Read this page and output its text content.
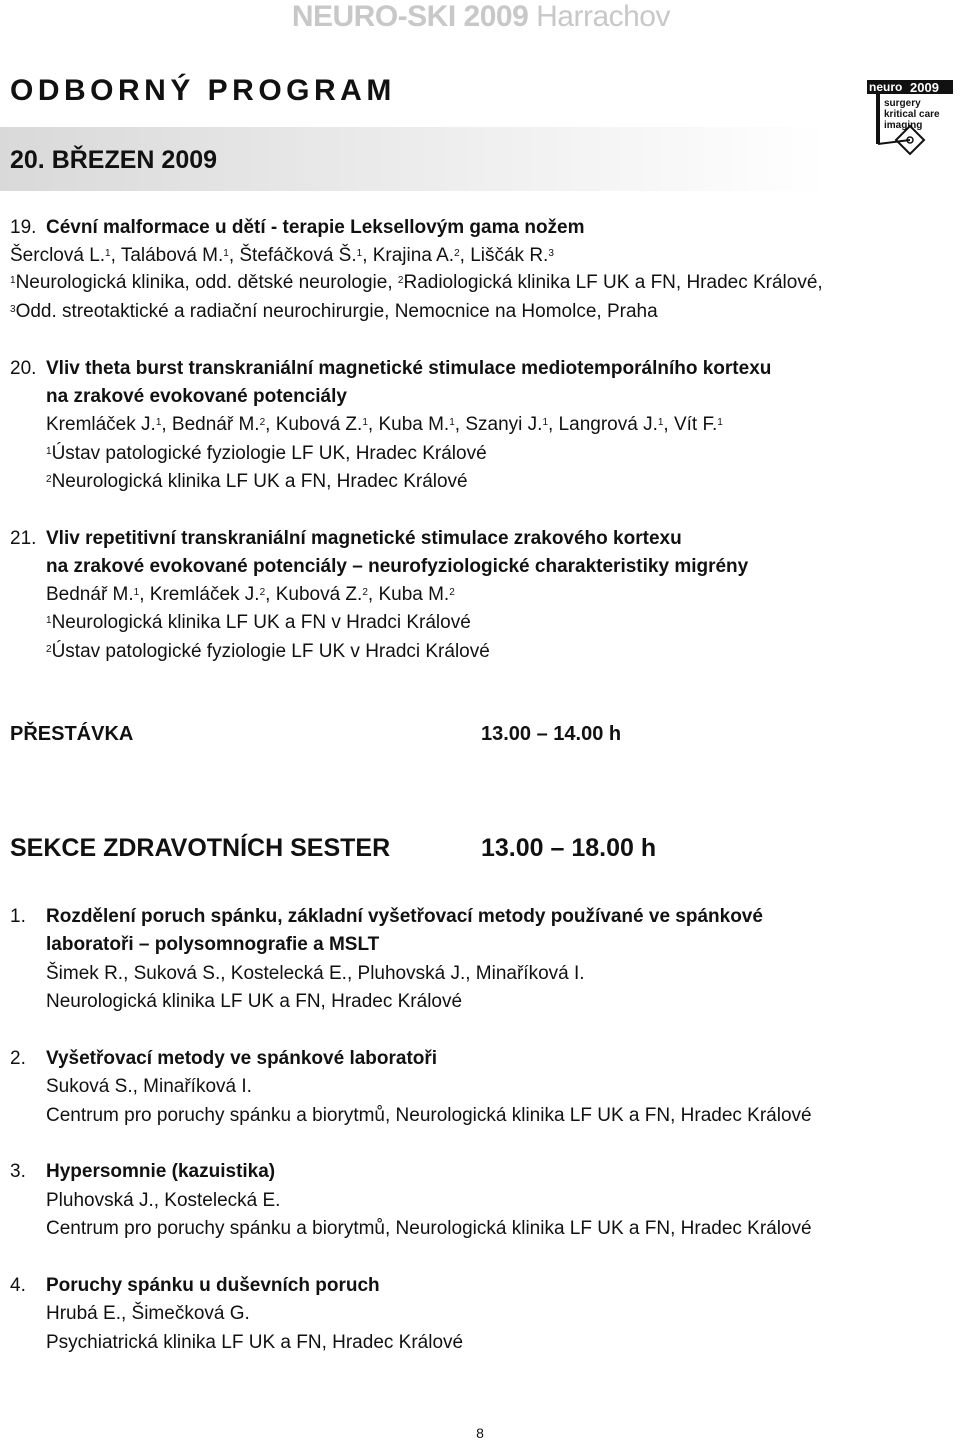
NEURO-SKI 2009 Harrachov
ODBORNÝ PROGRAM
20. BŘEZEN 2009
neuro 2009
surgery
kritical care
imaging
19. Cévní malformace u dětí - terapie Leksellovým gama nožem
Šerclová L.$^1$, Talábová M.$^1$, Štefáčková Š.$^1$, Krajina A.$^2$, Liščák R.$^3$
$^1$Neurologická klinika, odd. dětské neurologie, $^2$Radiologická klinika LF UK a FN, Hradec Králové,
$^3$Odd. streotaktické a radiační neurochirurgie, Nemocnice na Homolce, Praha
20. Vliv theta burst transkraniální magnetické stimulace mediotemporálního kortexu
na zrakové evokované potenciály
Kremláček J.$^1$, Bednář M.$^2$, Kubová Z.$^1$, Kuba M.$^1$, Szanyi J.$^1$, Langrová J.$^1$, Vít F.$^1$
$^1$Ústav patologické fyziologie LF UK, Hradec Králové
$^2$Neurologická klinika LF UK a FN, Hradec Králové
21. Vliv repetitivní transkraniální magnetické stimulace zrakového kortexu
na zrakové evokované potenciály – neurofyziologické charakteristiky migrény
Bednář M.$^1$, Kremláček J.$^2$, Kubová Z.$^2$, Kuba M.$^2$
$^1$Neurologická klinika LF UK a FN v Hradci Králové
$^2$Ústav patologické fyziologie LF UK v Hradci Králové
PŘESTÁVKA	13.00 – 14.00 h
SEKCE ZDRAVOTNÍCH SESTER	13.00 – 18.00 h
1. Rozdělení poruch spánku, základní vyšetřovací metody používané ve spánkové
laboratoři – polysomnografie a MSLT
Šimek R., Suková S., Kostelecká E., Pluhovská J., Minaříková I.
Neurologická klinika LF UK a FN, Hradec Králové
2. Vyšetřovací metody ve spánkové laboratoři
Suková S., Minaříková I.
Centrum pro poruchy spánku a biorytmů, Neurologická klinika LF UK a FN, Hradec Králové
3. Hypersomnie (kazuistika)
Pluhovská J., Kostelecká E.
Centrum pro poruchy spánku a biorytmů, Neurologická klinika LF UK a FN, Hradec Králové
4. Poruchy spánku u duševních poruch
Hrubá E., Šimečková G.
Psychiatrická klinika LF UK a FN, Hradec Králové
8
